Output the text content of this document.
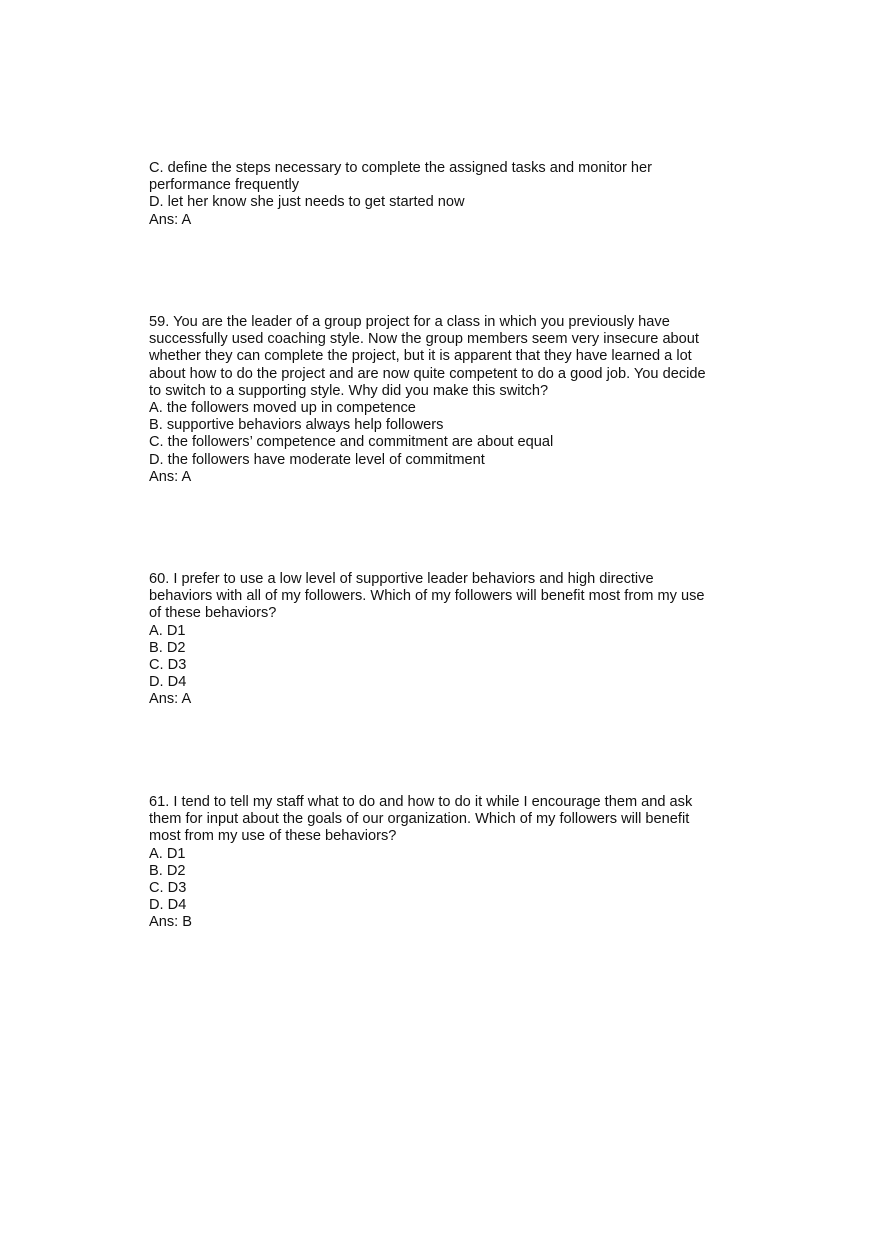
C. define the steps necessary to complete the assigned tasks and monitor her
performance frequently
D. let her know she just needs to get started now
Ans: A
59. You are the leader of a group project for a class in which you previously have
successfully used coaching style. Now the group members seem very insecure about
whether they can complete the project, but it is apparent that they have learned a lot
about how to do the project and are now quite competent to do a good job. You decide
to switch to a supporting style. Why did you make this switch?
A. the followers moved up in competence
B. supportive behaviors always help followers
C. the followers’ competence and commitment are about equal
D. the followers have moderate level of commitment
Ans: A
60. I prefer to use a low level of supportive leader behaviors and high directive
behaviors with all of my followers. Which of my followers will benefit most from my use
of these behaviors?
A. D1
B. D2
C. D3
D. D4
Ans: A
61. I tend to tell my staff what to do and how to do it while I encourage them and ask
them for input about the goals of our organization. Which of my followers will benefit
most from my use of these behaviors?
A. D1
B. D2
C. D3
D. D4
Ans: B
